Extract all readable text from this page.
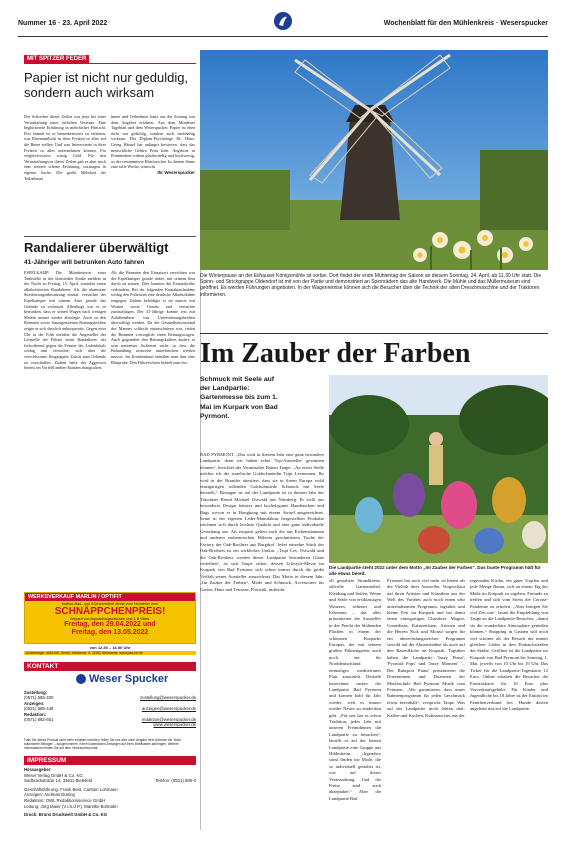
Nummer 16 · 23. April 2022	Wochenblatt für den Mühlenkreis · Weserspucker
MIT SPITZER FEDER
Papier ist nicht nur geduldig, sondern auch wirksam

Der Schreiber dieser Zeilen war jetzt bei einer Veranstaltung eines örtlichen Vereines. Eine beglückende Erfahrung in mehrfacher Hinsicht. Erst einmal ist es bemerkenswert zu erfahren, was Ehrenamtliche in ihrer Freizeit so alles auf die Beine stellen. Und was Interessierte in ihrer Freizeit so alles unternehmen können. Für vergleichsweise wenig Geld. Für den Veranstaltungsort dieser Zeilen gab es aber noch eine weitere schöne Erfahrung, sozusagen in eigener Sache. Die große Mehrheit der Teilnehmer

innen und Teilnehmer hatte aus der Zeitung von dem Angebot erfahren. Aus dem Mindener Tageblatt und dem Weserspucker. Papier ist eben nicht nur geduldig, sondern auch nachhaltig wirksam. Der Diplom-Psychologe Dr. Hans-Georg Häusel hat unlängst bewiesen, dass das menschliche Gehirn Print liebt. Angebote in Printmedien wirken glaubwürdig und hochwertig, so der renommierte Hirnforscher. In diesem Sinne eine tolle Woche, wünscht

Ihr Weserspucker

Randalierer überwältigt
41-Jähriger will betrunken Auto fahren

ESPELKAMP. Die Mitarbeiterin einer Tankstelle in der Isenstedter Straße meldete in der Nacht zu Freitag, 15. April, zunächst einen alkoholisierten Randalierer. Als die alarmierte Streifenwagenbesatzung eintraf, versuchte der Espelkamper mit seinem Auto gerade das Gelände zu verlassen. Allerdings war er so betrunken, dass er seinen Wagen nach wenigen Metern immer wieder abwürgte. Auch zu den Beamten sowie hinzugerufenen Rettungskräften zeigte er sich deutlich unkooperativ. Gegen zwei Uhr in der Früh meldete die Angestellte der Leitstelle der Polizei einen Randalierer, der fortwährend gegen die Fenster des Ladenlokals schlug und versuchte, sich über die verschlossene Eingangstür Zutritt zum Gebäude zu verschaffen. Zudem hatte der Aggressor bereits im Vorfeld andere Kunden drangsaliert.

Als die Beamten den Einsatzort erreichten war der Espelkamper gerade dabei, mit seinem Seat durch zu starten. Dies konnten die Einsatzkräfte verhindern. Bei der folgenden Kontaktaufnahme schlug den Polizisten eine deutliche Alkoholfahne entgegen. Zudem beleidigte er sie massiv mit Worten sowie Gesten und versuchte zuzuschlagen. Der 41-Jährige konnte erst mit Zuhilfenahme von Unterstützungskräften überwältigt werden. Da der Gesundheitszustand des Mannes schlecht einzuschätzen war, riefen die Beamten vorsorglich einen Rettungswagen. Auch gegenüber den Rettungskräften ändere er sein renitentes Auftreten nicht, so dass die Behandlung zeitweise unterbrochen werden musste. Im Krankenhaus entnahm man ihm eine Blutprobe. Den Führerschein behielt man ein.

WERKSVERKAUF MARLIN / OPTIFIT
Marlon-Bad- und Küchenmöbel direkt vom Hersteller zum
SCHNÄPPCHENPREIS!
Verkauf von Ausstellungsstücken und 1 B Ware.
Freitag, den 29.04.2022 und
Freitag, den 13.05.2022
von 12.30 – 16.00 Uhr
Anlieferlager: AMA-BR, GmbH, Meckerstr. 5, 32351 Stemwede, www.jaka-hh.de
KONTAKT
Weser Spucker
Zustellung:
(0571) 585-400	zustellung@weserspucker.de
Anzeigen:
(0521) 585-448	anzeigen@weserspucker.de
Redaktion:
(0571) 882-651	redaktion@weserspucker.de
www.weserspucker.de
Falls Sie dieses Produkt nicht mehr erhalten möchten, teilen Sie uns dies unter Angabe Ihrer Adresse mit. Nicht autorisierte Beilagen – ausgenommen. Keine kostenlosen Zeitungen auf Ihren Briefkasten anbringen. Weitere Informationen finden Sie auf dem Verbraucherportal.
IMPRESSUM
Herausgeber:
Weser Verlag GmbH & Co. KG
Sudbrackstraße 14, 33611 Bielefeld	Telefon: (0521) 585-0
Geschäftsführung: Frank Best, Carsten Lohmann
Anzeigen: Andreas Düning
Redaktion: OWL Redaktionsservice GmbH
Leitung: Jörg Maier (V.i.S.d.P.), Marelke Bolmahn
Druck: Bruns Druckwelt GmbH & Co. KG
Die Winterpause an der Eilhauser Königsmühle ist vorbei. Dort findet der erste Mühlentag der Saison an diesem Sonntag, 24. April, ab 11.30 Uhr statt. Die Spinn- und Strickgruppe Oldendorf ist mit von der Partie und demonstriert an Spinnrädern das alte Handwerk. Die Mühle und das Müllermuseum sind geöffnet. Es werden Führungen angeboten. In der Wagenremise können sich die Besucher über die Technik der alten Dreschmaschine und der Traktoren informieren.
Im Zauber der Farben
Schmuck mit Seele auf der Landpartie: Gartenmesse bis zum 1. Mai im Kurpark von Bad Pyrmont.
Die Landpartie steht 2022 unter dem Motto „Im Zauber der Farben“. Das bunte Programm hält für alle etwas bereit.

BAD PYRMONT. „Das wird in diesem Jahr eine ganz besondere Landpartie, denn wir haben echte 'Top-Aussteller' gewinnen können“, berichtet der Veranstalter Rainer Taupe. „An erster Stelle möchte ich die israelische Goldschmiedin Tsipi Levnennen. Ihr wird in der Branche attestiert, dass sie in ihrem Europa wohl einzigartigen rollenden Goldschmiede Schmuck mit Seele herstellt.“ Bretagne ist auf der Landpartie ist in diesem Jahr der Tätschner Bernd Michael Ostwald aus Nürnberg. Er stellt aus besonderes Design feinster und hochelegante Handtaschen und Bags wovon er in Hongkong mit einem Award ausgezeichnet. Seine in der eigenen Leder-Manufaktur hergestellten Produkte zeichnen sich durch höchste Qualität und eine ganz individuelle Gestaltung aus. Als exquisit gelten auch die aus Eichenstämmen und anderen einheimischen Hölzern geschnitteten Tische der Factory der Oak-Brothers aus Burgdorf. Jedes einzelne Stück der Oak-Brothers ist ein wirkliches Unikat. „Tsipi Lev, Ostwald und die Oak-Brothers werden dieser Landpartie besonderen Glanz verleihen“, ist sich Taupe sicher, dessen Lifestyle-Messe im Kurpark von Bad Pyrmont sich schon immer durch die große Vielfalt seiner Aussteller auszeichnet. Das Motto in diesem Jahr: „Im Zauber der Farben“. Mode und Schmuck, Accessoires für Garten, Haus und Terrasse, Floristik, individu-

ell gestaltete Strandkörbe, stilvolle Gartenmöbel, Kleidung und Seifen, Weine und Seide von erstklassigen Winzern, seltenes und Erlesenes – das alles präsentieren die Aussteller in der Pracht der blühenden Flächen in einem der schönsten Kurparks Europas, der mit seinem großen Palmengarten auch noch ein für Norddeutschland einmaliges mediterranes Flair ausstrahlt. Deshalb bezeichnet sucher die Landpartie Bad Pyrmont und konnen bald für Jahr wieder, weil es immer wieder Neues zu entdecken gibt. „Für uns hat es schon Tradition, jedes Jahr mit unseren Freundinnen die Landpartie zu besuchen“, betrifft es auf der letzten Landpartie eine Gruppe aus Hildesheim. „Irgendwo sonst finden wir Mode, die so individuell gestaltet ist, wie auf dieser Veranstaltung. Und die Preise sind auch akzeptabel.“ Aber die Landpartie Bad

Pyrmont hat noch viel mehr zu bieten als die Vielfalt ihrer Aussteller. Vorgeschaut auf ihren Artisten und Künstlern aus der Welt des Variétés auch noch einen sehr unterhaltsamen Programm, tagsüber und kleine Fest im Kurpark und hat damit einen einzigartigen Charakter. Magier, Comedians, Kabarettisten, Artisten und die Herren Nick und Monsö sorgen für ein abwechslungsreiches Programm sowohl auf der Aktionsbühne als auch auf den Rasenfläche im Kurpark. Tagsüber haben die Landpartie 'Jazzy Piano', 'Pyramid Pops' und 'Jazzy Moment' '... Der Ruhrpott Piano' präsentieren die Dozentinnen und Dozenten der Musikschule Bad Pyrmont Musik vom Feinsten. „Wir garantieren, dass unser Rahmenprogramm für jeden Geschmack etwas bereithält“, verspricht Taupe. Was auf der Landpartie nicht fehlen darf: Kaffee und Kuchen, Kulinarisches aus der

regionalen Küche, ein guter Tropfen und jede Menge Raum, sich an einem Tag der Muße im Kurpark zu ergehen, Freunde zu treffen und sich vom Stress der Corona-Pandemie zu erholen. „Aber bringen Sie viel Zeit mit“, lautet die Empfehlung von Taupe an die Landpartie-Besucher, „damit sie die wunderbare Atmosphäre genießen können.“ Shopping in Grünen soll noch viel schöner als der Besuch der immer gleichen Läden in den Einkaufsstraßen der Städte. Geöffnet ist die Landpartie im Kurpark von Bad Pyrmont bis Sonntag, 1. Mai, jeweils von 10 Uhr bis 19 Uhr. Das Ticket für die Landpartie-Tageskarte 12 Euro. Online erhalten die Besucher die Eintrittskarte für 10 Euro plus Vorverkaufsgebühr. Für Kinder und Jugendliche bis 18 Jahre ist der Eintritt im Familienverbund frei. Hunde dürfen angeleint mit auf die Landpartie.
